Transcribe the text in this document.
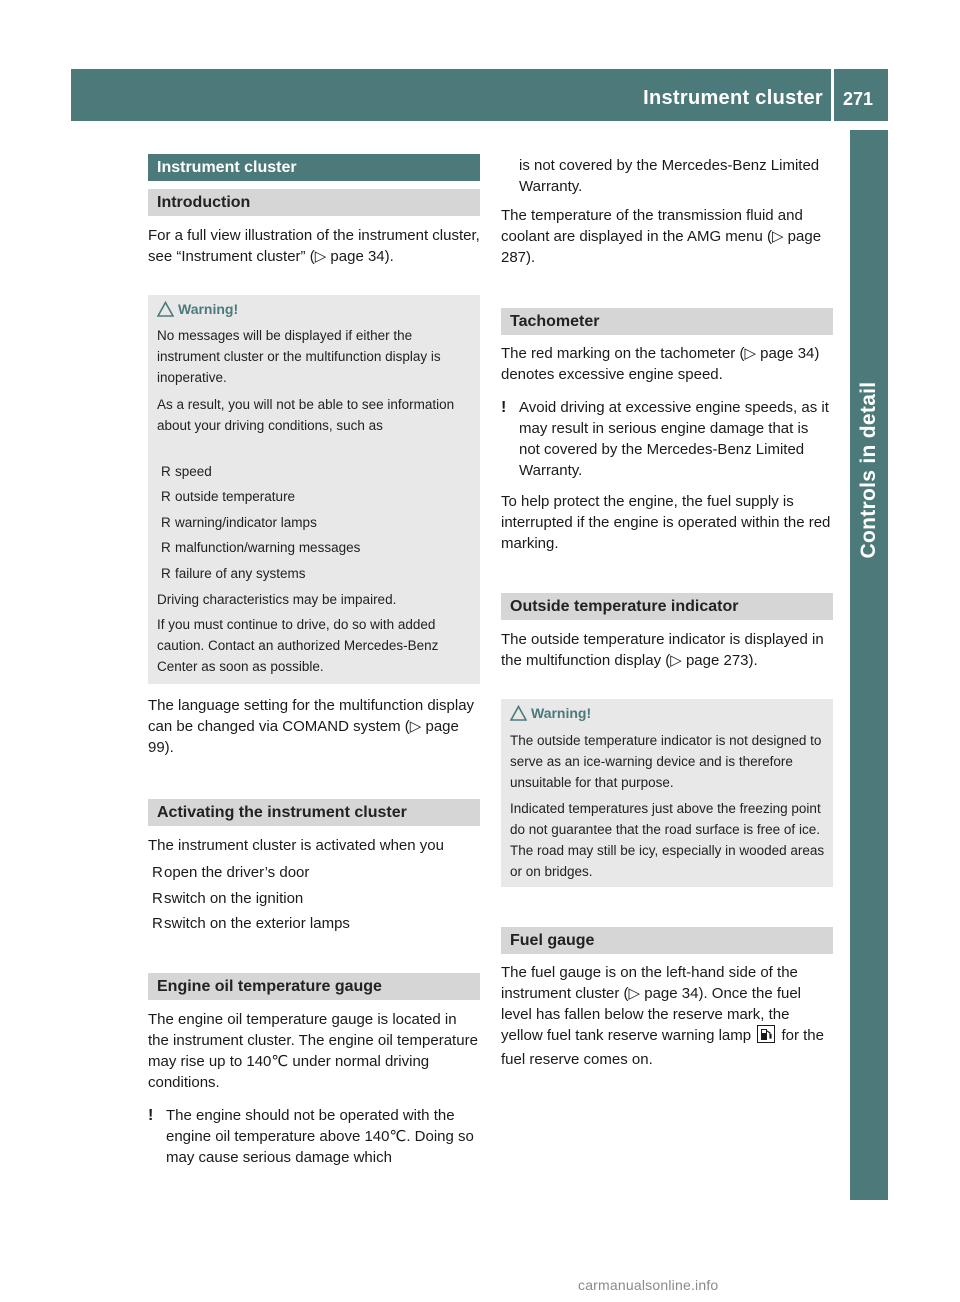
Instrument cluster 271
Controls in detail
Instrument cluster
Introduction
For a full view illustration of the instrument cluster, see “Instrument cluster” (▷ page 34).
Warning!
No messages will be displayed if either the instrument cluster or the multifunction display is inoperative.
As a result, you will not be able to see information about your driving conditions, such as
R speed
R outside temperature
R warning/indicator lamps
R malfunction/warning messages
R failure of any systems
Driving characteristics may be impaired.
If you must continue to drive, do so with added caution. Contact an authorized Mercedes-Benz Center as soon as possible.
The language setting for the multifunction display can be changed via COMAND system (▷ page 99).
Activating the instrument cluster
The instrument cluster is activated when you
Ropen the driver’s door
Rswitch on the ignition
Rswitch on the exterior lamps
Engine oil temperature gauge
The engine oil temperature gauge is located in the instrument cluster. The engine oil temperature may rise up to 140℃ under normal driving conditions.
! The engine should not be operated with the engine oil temperature above 140℃. Doing so may cause serious damage which
is not covered by the Mercedes-Benz Limited Warranty.
The temperature of the transmission fluid and coolant are displayed in the AMG menu (▷ page 287).
Tachometer
The red marking on the tachometer (▷ page 34) denotes excessive engine speed.
! Avoid driving at excessive engine speeds, as it may result in serious engine damage that is not covered by the Mercedes-Benz Limited Warranty.
To help protect the engine, the fuel supply is interrupted if the engine is operated within the red marking.
Outside temperature indicator
The outside temperature indicator is displayed in the multifunction display (▷ page 273).
Warning!
The outside temperature indicator is not designed to serve as an ice-warning device and is therefore unsuitable for that purpose.
Indicated temperatures just above the freezing point do not guarantee that the road surface is free of ice. The road may still be icy, especially in wooded areas or on bridges.
Fuel gauge
The fuel gauge is on the left-hand side of the instrument cluster (▷ page 34). Once the fuel level has fallen below the reserve mark, the yellow fuel tank reserve warning lamp for the fuel reserve comes on.
carmanualsonline.info
